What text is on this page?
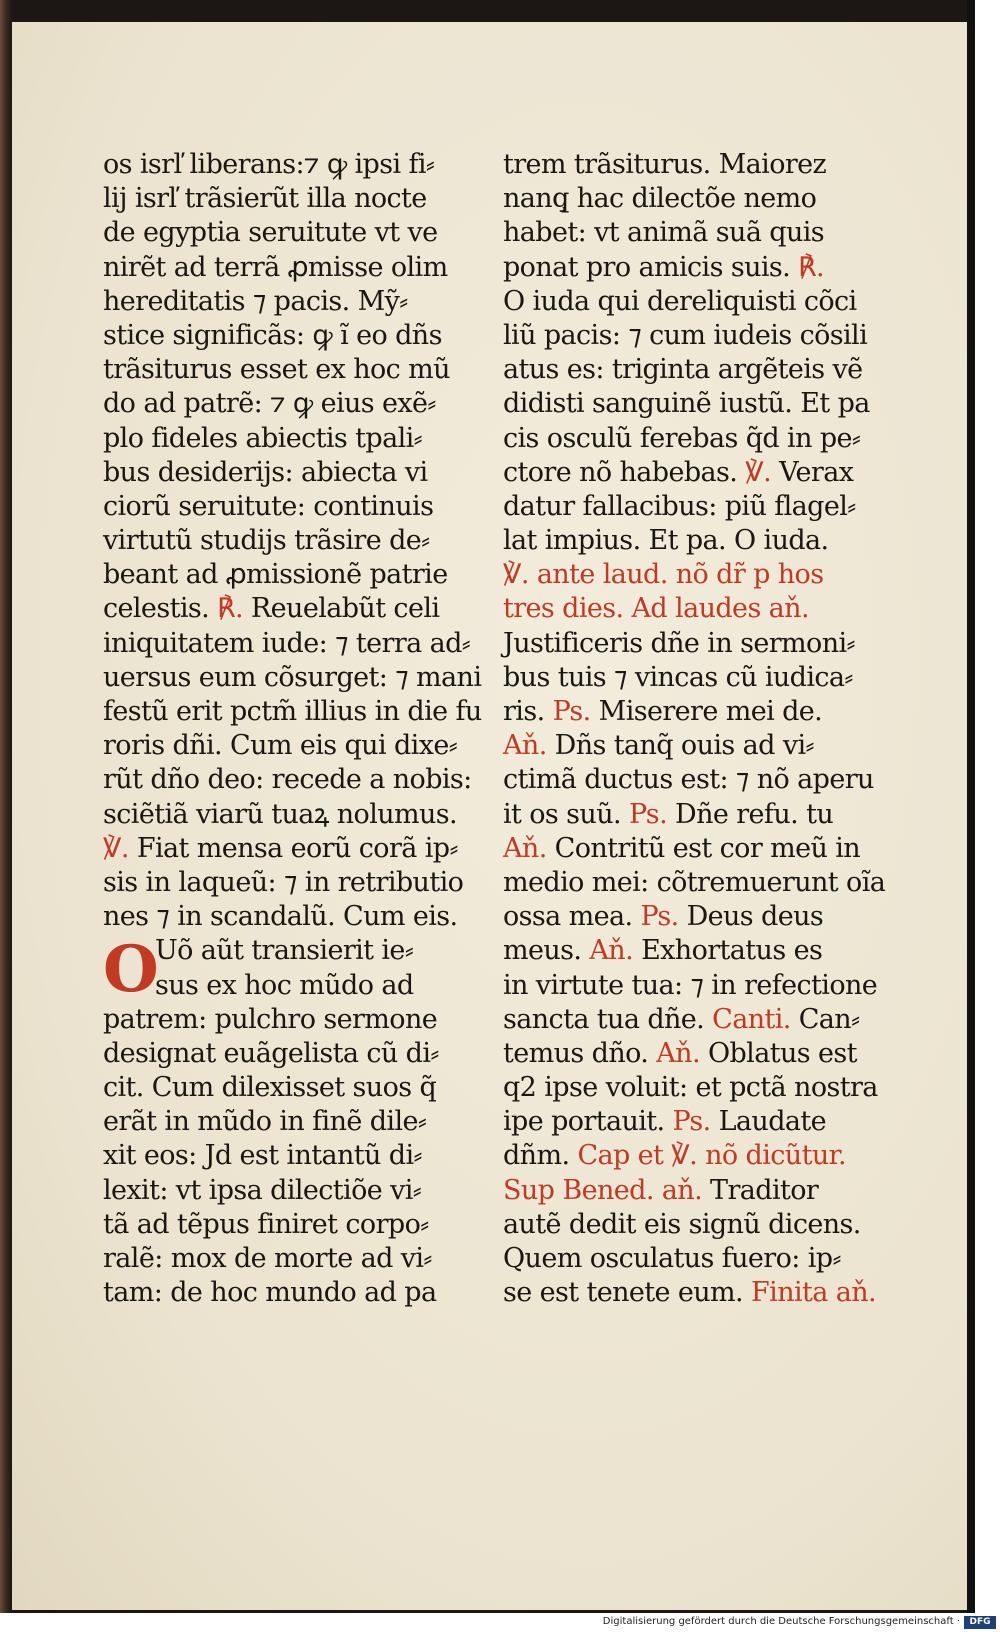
os isrľ liberans:⁊ ꝙ ipsi fi⸗
lij isrľ trãsierũt illa nocte
de egyptia seruitute vt ve
nirẽt ad terrã ꝓmisse olim
hereditatis ⁊ pacis. Mỹ⸗
stice significãs: ꝙ ĩ eo dñs
trãsiturus esset ex hoc mũ
do ad patrẽ: ⁊ ꝙ eius exẽ⸗
plo fideles abiectis tpali⸗
bus desiderijs: abiecta vi
ciorũ seruitute: continuis
virtutũ studijs trãsire de⸗
beant ad ꝓmissionẽ patrie
celestis. ℟. Reuelabũt celi
iniquitatem iude: ⁊ terra ad⸗
uersus eum cõsurget: ⁊ mani
festũ erit pctm̃ illius in die fu
roris dñi. Cum eis qui dixe⸗
rũt dño deo: recede a nobis:
sciẽtiã viarũ tuaꝝ nolumus.
℣. Fiat mensa eorũ corã ip⸗
sis in laqueũ: ⁊ in retributio
nes ⁊ in scandalũ. Cum eis.
O
Uõ aũt transierit ie⸗
sus ex hoc mũdo ad
patrem: pulchro sermone
designat euãgelista cũ di⸗
cit. Cum dilexisset suos q̃
erãt in mũdo in finẽ dile⸗
xit eos: Jd est intantũ di⸗
lexit: vt ipsa dilectiõe vi⸗
tã ad tẽpus finiret corpo⸗
ralẽ: mox de morte ad vi⸗
tam: de hoc mundo ad pa
trem trãsiturus. Maiorez
nanq̧ hac dilectõe nemo
habet: vt animã suã quis
ponat pro amicis suis. ℟.
O iuda qui dereliquisti cõci
liũ pacis: ⁊ cum iudeis cõsili
atus es: triginta argẽteis vẽ
didisti sanguinẽ iustũ. Et pa
cis osculũ ferebas q̃d in pe⸗
ctore nõ habebas. ℣. Verax
datur fallacibus: piũ flagel⸗
lat impius. Et pa. O iuda.
℣. ante laud. nõ dr̃ p hos
tres dies. Ad laudes aň.
Justificeris dñe in sermoni⸗
bus tuis ⁊ vincas cũ iudica⸗
ris. Ps. Miserere mei de.
Aň. Dñs tanq̃ ouis ad vi⸗
ctimã ductus est: ⁊ nõ aperu
it os suũ. Ps. Dñe refu. tu
Aň. Contritũ est cor meũ in
medio mei: cõtremuerunt oĩa
ossa mea. Ps. Deus deus
meus. Aň. Exhortatus es
in virtute tua: ⁊ in refectione
sancta tua dñe. Canti. Can⸗
temus dño. Aň. Oblatus est
q2 ipse voluit: et pctã nostra
ipe portauit. Ps. Laudate
dñm. Cap et ℣. nõ dicũtur.
Sup Bened. aň. Traditor
autẽ dedit eis signũ dicens.
Quem osculatus fuero: ip⸗
se est tenete eum. Finita aň.
Digitalisierung gefördert durch die Deutsche Forschungsgemeinschaft ·	DFG
